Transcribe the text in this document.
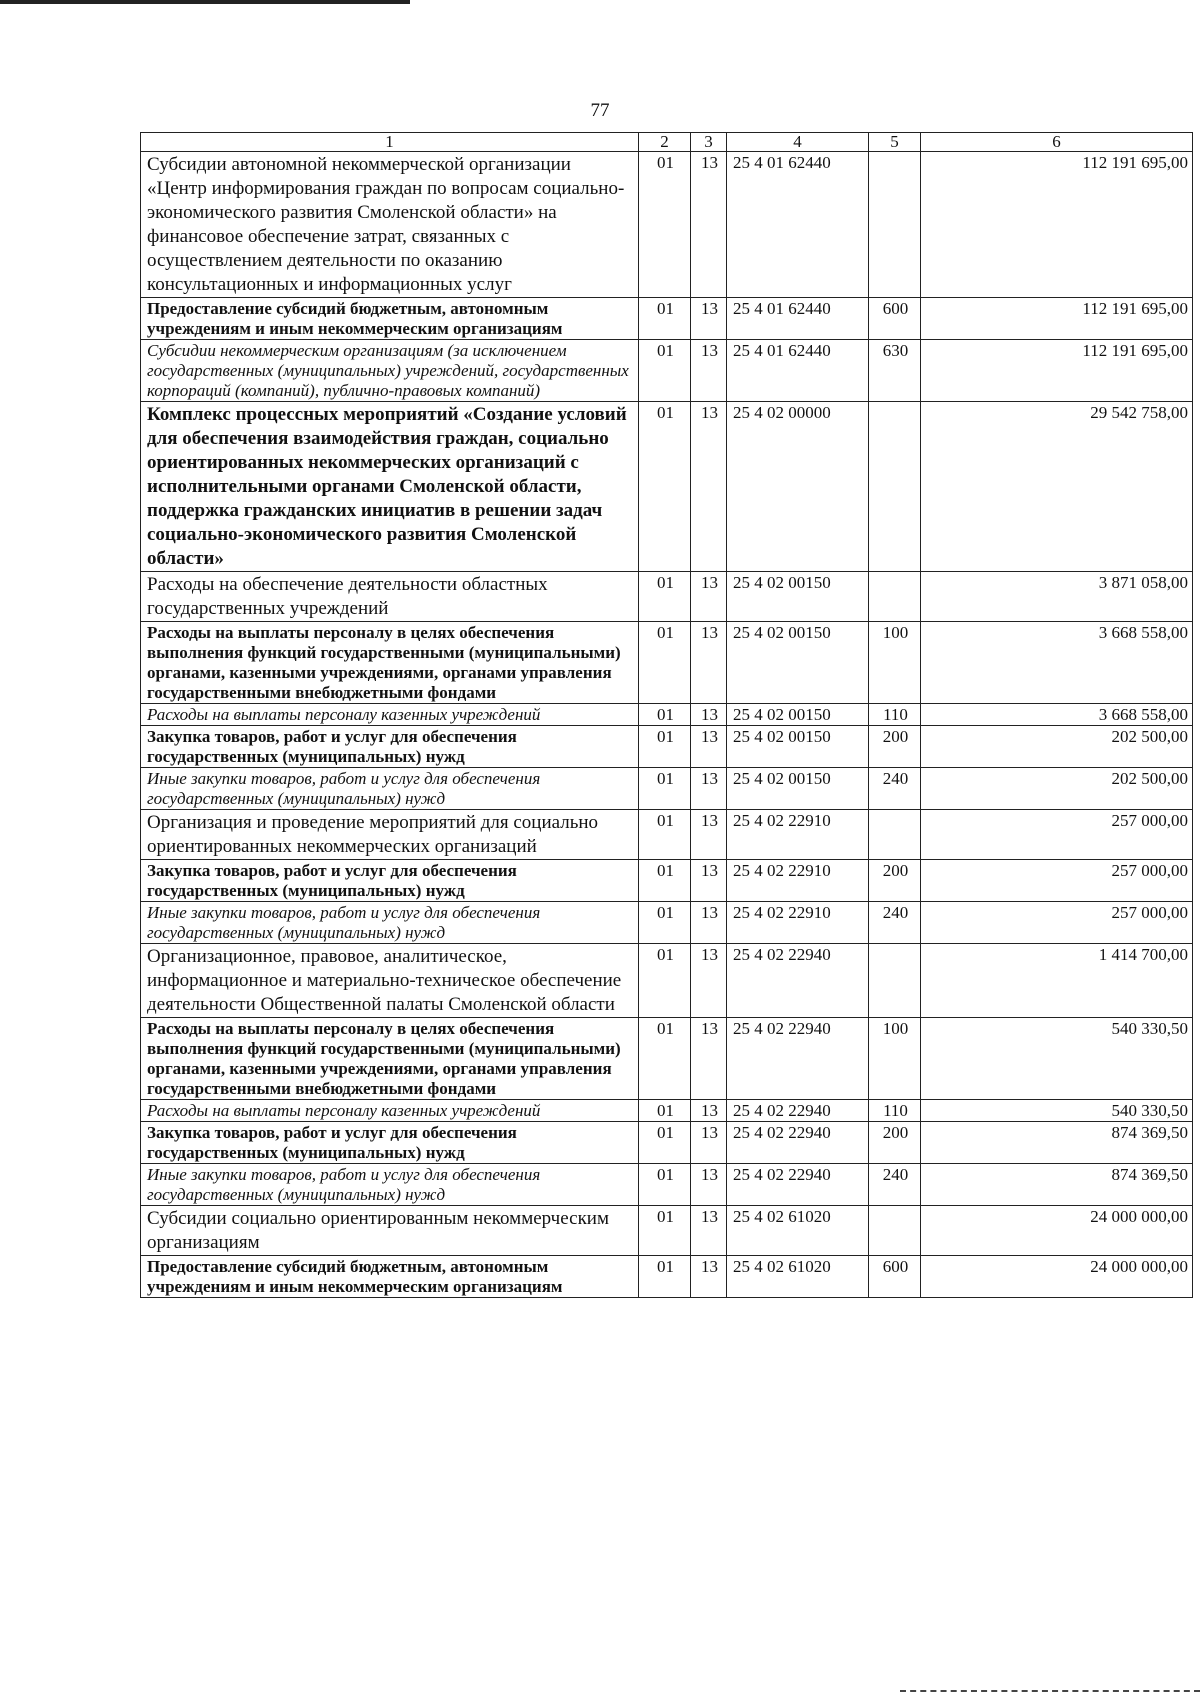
77
1	2	3	4	5	6
Субсидии автономной некоммерческой организации «Центр информирования граждан по вопросам социально-экономического развития Смоленской области» на финансовое обеспечение затрат, связанных с осуществлением деятельности по оказанию консультационных и информационных услуг	01	13	25 4 01 62440		112 191 695,00
Предоставление субсидий бюджетным, автономным учреждениям и иным некоммерческим организациям	01	13	25 4 01 62440	600	112 191 695,00
Субсидии некоммерческим организациям (за исключением государственных (муниципальных) учреждений, государственных корпораций (компаний), публично-правовых компаний)	01	13	25 4 01 62440	630	112 191 695,00
Комплекс процессных мероприятий «Создание условий для обеспечения взаимодействия граждан, социально ориентированных некоммерческих организаций с исполнительными органами Смоленской области, поддержка гражданских инициатив в решении задач социально-экономического развития Смоленской области»	01	13	25 4 02 00000		29 542 758,00
Расходы на обеспечение деятельности областных государственных учреждений	01	13	25 4 02 00150		3 871 058,00
Расходы на выплаты персоналу в целях обеспечения выполнения функций государственными (муниципальными) органами, казенными учреждениями, органами управления государственными внебюджетными фондами	01	13	25 4 02 00150	100	3 668 558,00
Расходы на выплаты персоналу казенных учреждений	01	13	25 4 02 00150	110	3 668 558,00
Закупка товаров, работ и услуг для обеспечения государственных (муниципальных) нужд	01	13	25 4 02 00150	200	202 500,00
Иные закупки товаров, работ и услуг для обеспечения государственных (муниципальных) нужд	01	13	25 4 02 00150	240	202 500,00
Организация и проведение мероприятий для социально ориентированных некоммерческих организаций	01	13	25 4 02 22910		257 000,00
Закупка товаров, работ и услуг для обеспечения государственных (муниципальных) нужд	01	13	25 4 02 22910	200	257 000,00
Иные закупки товаров, работ и услуг для обеспечения государственных (муниципальных) нужд	01	13	25 4 02 22910	240	257 000,00
Организационное, правовое, аналитическое, информационное и материально-техническое обеспечение деятельности Общественной палаты Смоленской области	01	13	25 4 02 22940		1 414 700,00
Расходы на выплаты персоналу в целях обеспечения выполнения функций государственными (муниципальными) органами, казенными учреждениями, органами управления государственными внебюджетными фондами	01	13	25 4 02 22940	100	540 330,50
Расходы на выплаты персоналу казенных учреждений	01	13	25 4 02 22940	110	540 330,50
Закупка товаров, работ и услуг для обеспечения государственных (муниципальных) нужд	01	13	25 4 02 22940	200	874 369,50
Иные закупки товаров, работ и услуг для обеспечения государственных (муниципальных) нужд	01	13	25 4 02 22940	240	874 369,50
Субсидии социально ориентированным некоммерческим организациям	01	13	25 4 02 61020		24 000 000,00
Предоставление субсидий бюджетным, автономным учреждениям и иным некоммерческим организациям	01	13	25 4 02 61020	600	24 000 000,00
